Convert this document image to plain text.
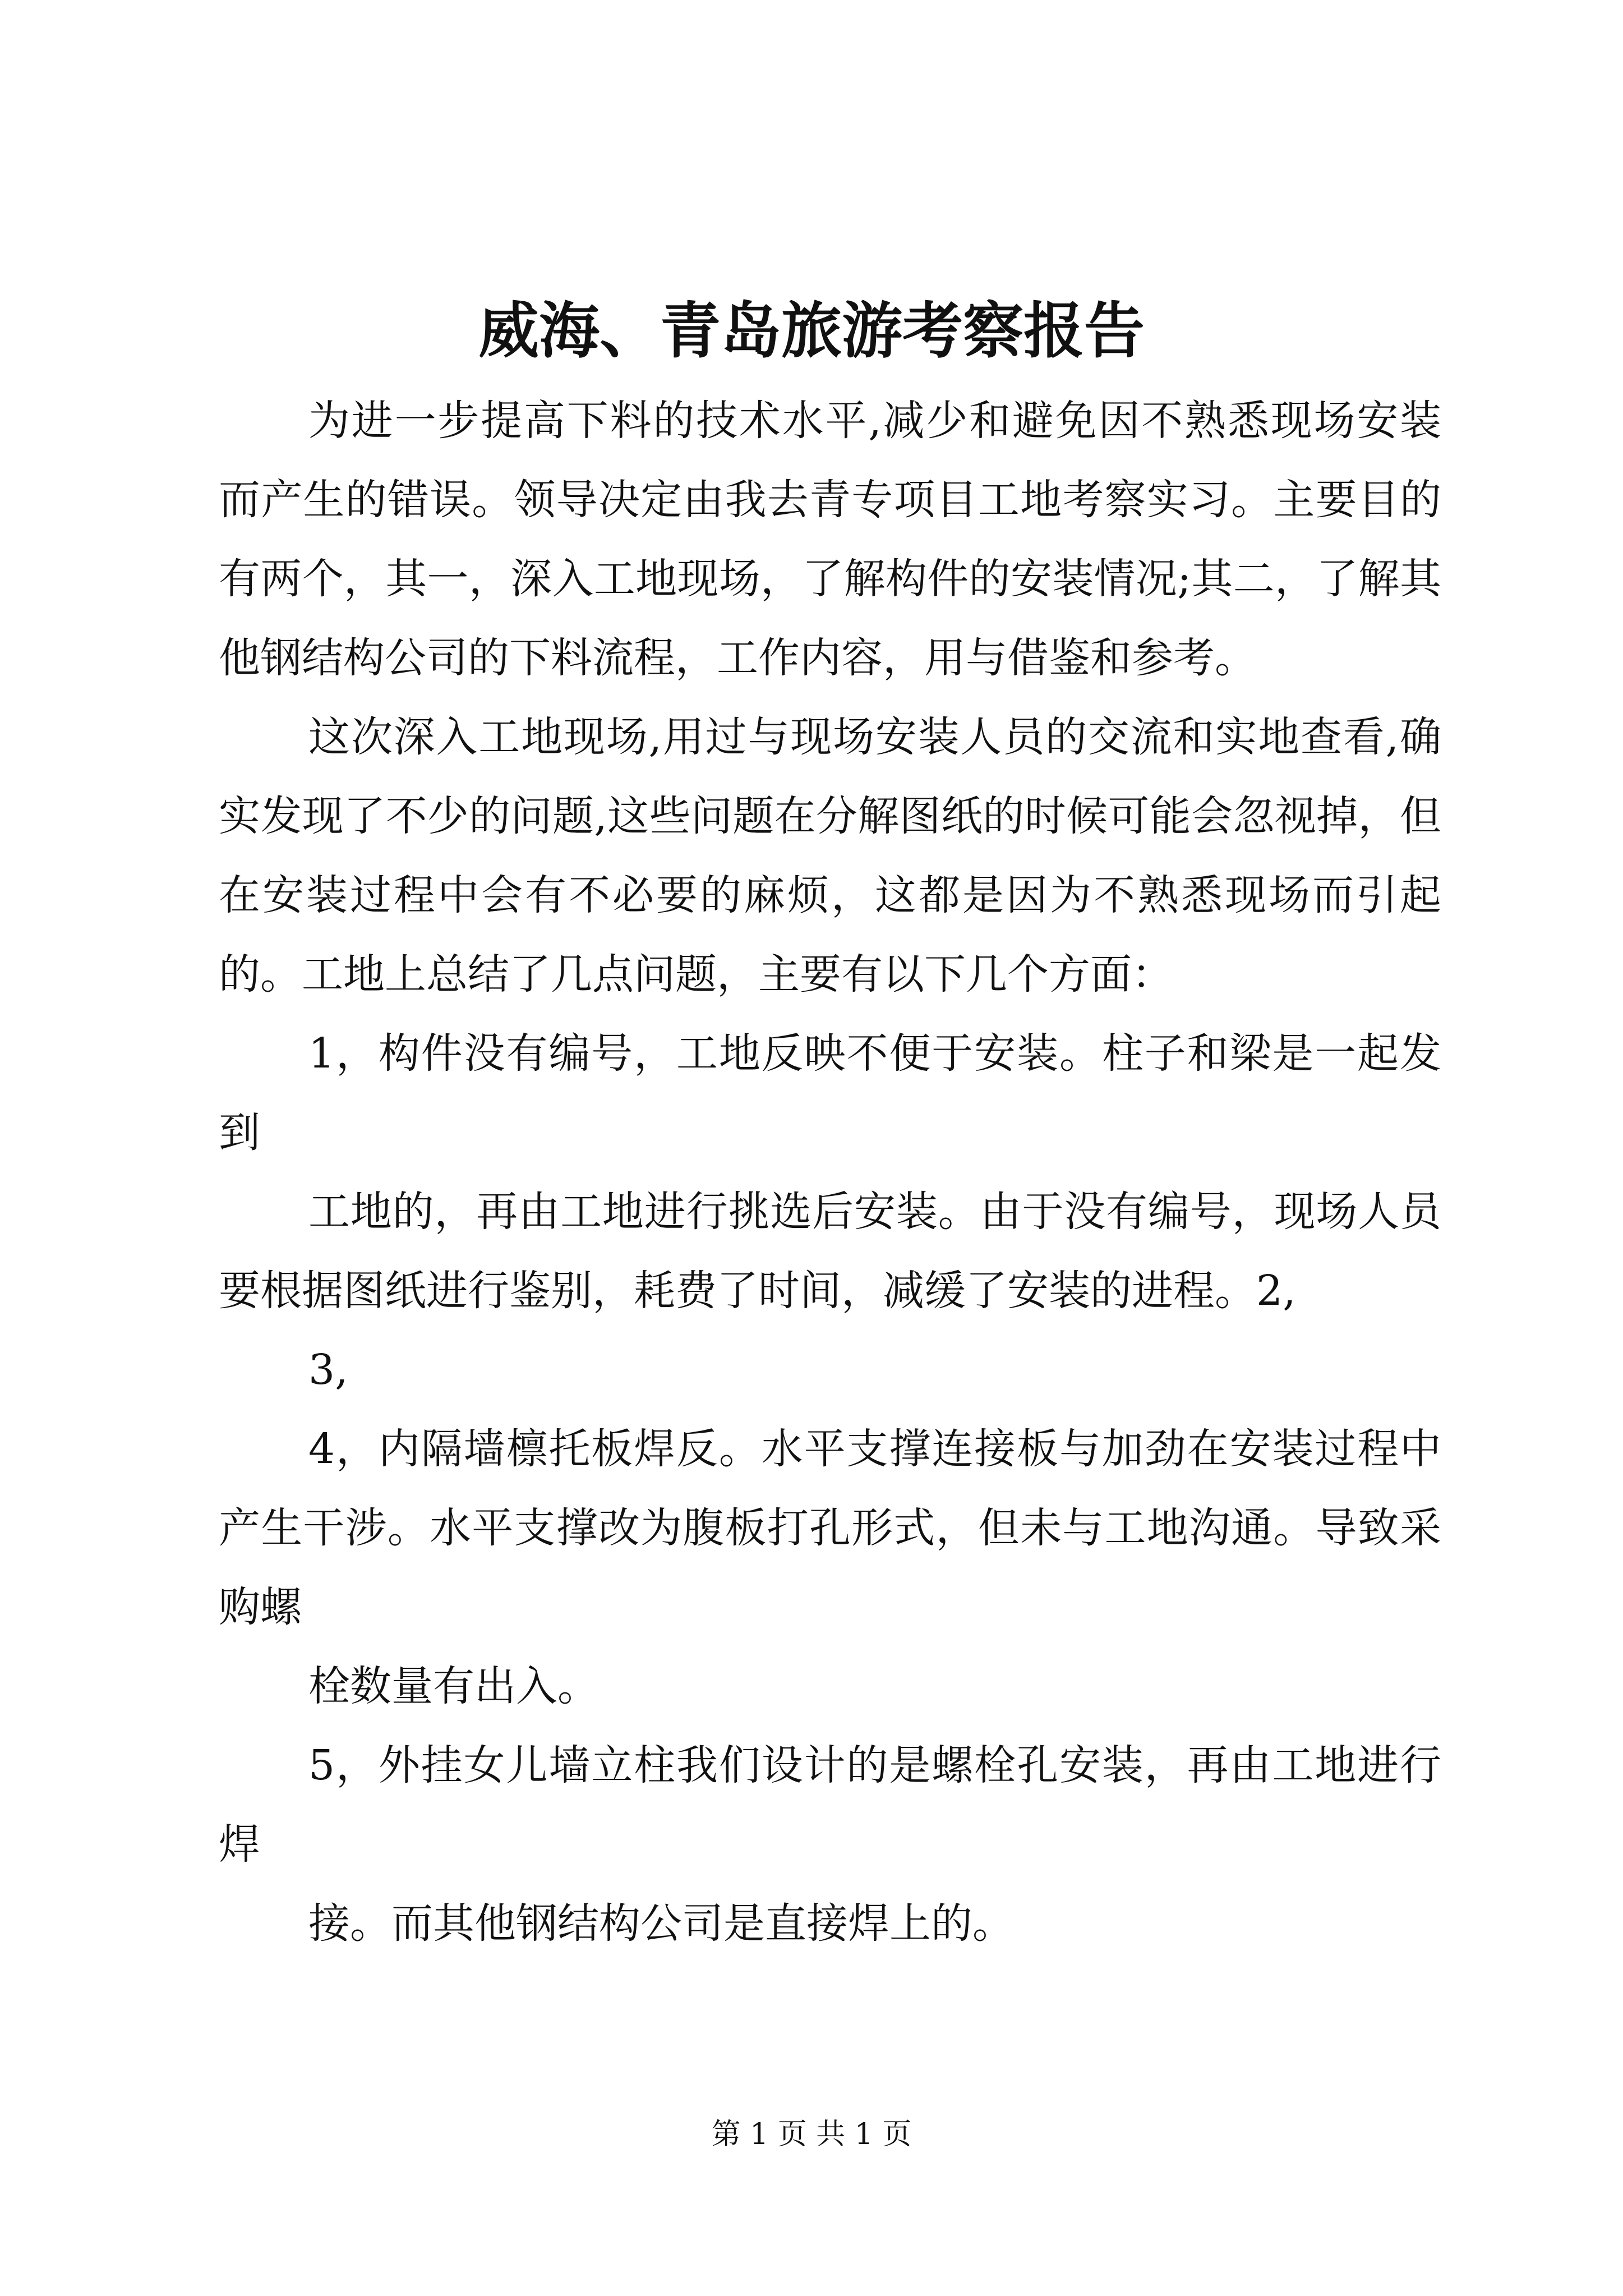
威海、青岛旅游考察报告

为进一步提高下料的技术水平,减少和避免因不熟悉现场安装而产生的错误。领导决定由我去青专项目工地考察实习。主要目的有两个，其一，深入工地现场，了解构件的安装情况;其二，了解其他钢结构公司的下料流程，工作内容，用与借鉴和参考。

这次深入工地现场,用过与现场安装人员的交流和实地查看,确实发现了不少的问题,这些问题在分解图纸的时候可能会忽视掉，但在安装过程中会有不必要的麻烦，这都是因为不熟悉现场而引起的。工地上总结了几点问题，主要有以下几个方面：

1，构件没有编号，工地反映不便于安装。柱子和梁是一起发到

工地的，再由工地进行挑选后安装。由于没有编号，现场人员要根据图纸进行鉴别，耗费了时间，减缓了安装的进程。2,

3,

4，内隔墙檩托板焊反。水平支撑连接板与加劲在安装过程中产生干涉。水平支撑改为腹板打孔形式，但未与工地沟通。导致采购螺

栓数量有出入。

5，外挂女儿墙立柱我们设计的是螺栓孔安装，再由工地进行焊

接。而其他钢结构公司是直接焊上的。

第 1 页 共 1 页
